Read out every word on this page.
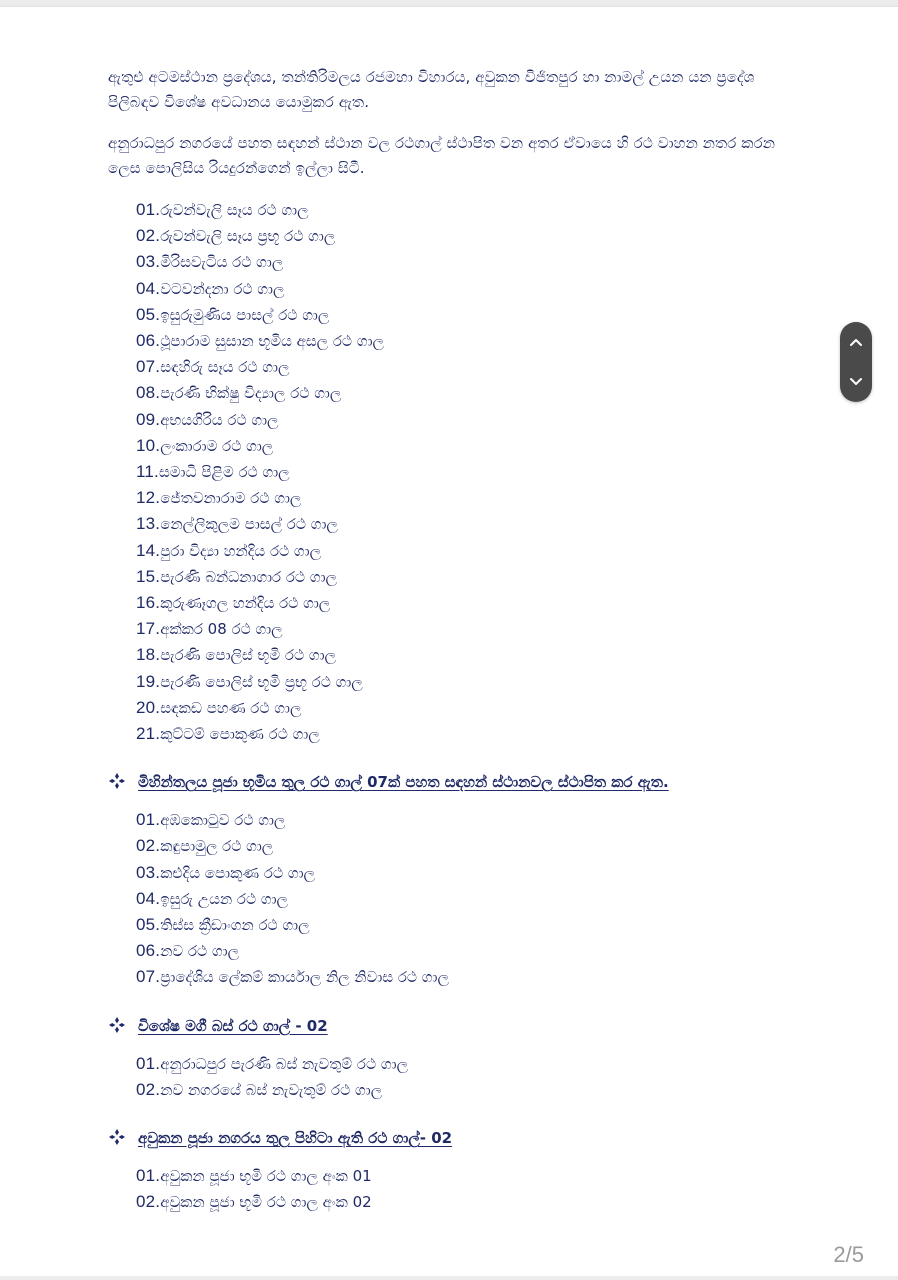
ඇතුළු අටමස්ථාන ප්‍රදේශය, තන්තිරිමලය රජමහා විහාරය, අවුකන විජිතපුර හා නාමල් උයන යන ප්‍රදේශ පිලිබඳව විශේෂ අවධානය යොමුකර ඇත.

අනුරාධපුර නගරයේ පහත සඳහන් ස්ථාන වල රථගාල් ස්ථාපිත වන අතර ඒවායෙ හි රථ වාහන නතර කරන ලෙස පොලිසිය රියදුරන්ගෙන් ඉල්ලා සිටී.

01.රුවන්වැලි සෑය රථ ගාල
02.රුවන්වැලි සෑය ප්‍රභූ රථ ගාල
03.මිරිසවැටිය රථ ගාල
04.වටවන්දනා රථ ගාල
05.ඉසුරුමුණිය පාසල් රථ ගාල
06.ථූපාරාම සුසාන භූමිය අසල රථ ගාල
07.සඳහිරු සෑය රථ ගාල
08.පැරණි භික්ෂු විද්‍යාල රථ ගාල
09.අභයගිරිය රථ ගාල
10.ලංකාරාම රථ ගාල
11.සමාධි පිළිම රථ ගාල
12.ජේතවනාරාම රථ ගාල
13.නෙල්ලිකුලම පාසල් රථ ගාල
14.පුරා විද්‍යා හන්දිය රථ ගාල
15.පැරණි බන්ධනාගාර රථ ගාල
16.කුරුණෑගල හන්දිය රථ ගාල
17.අක්කර 08 රථ ගාල
18.පැරණි පොලිස් භූමි රථ ගාල
19.පැරණි පොලිස් භූමි ප්‍රභූ රථ ගාල
20.සඳකඩ පහණ රථ ගාල
21.කුට්ටම් පොකුණ රථ ගාල
මිහින්තලය පූජා භූමිය තුල රථ ගාල් 07ක් පහත සඳහන් ස්ථානවල ස්ථාපිත කර ඇත.
01.අඹකොටුව රථ ගාල
02.කඳුපාමුල රථ ගාල
03.කළුදිය පොකුණ රථ ගාල
04.ඉසුරු උයන රථ ගාල
05.තිස්ස ක්‍රීඩාංගන රථ ගාල
06.නව රථ ගාල
07.ප්‍රාදේශිය ලේකම් කාර්යාල නිල නිවාස රථ ගාල
විශේෂ මගී බස් රථ ගාල් - 02
01.අනුරාධපුර පැරණි බස් නැවතුම් රථ ගාල
02.නව නගරයේ බස් නැවැතුම් රථ ගාල
අවුකන පූජා නගරය තුල පිහිටා ඇති රථ ගාල්- 02
01.අවුකන පූජා භූමි රථ ගාල අංක 01
02.අවුකන පූජා භූමි රථ ගාල අංක 02
2/5
